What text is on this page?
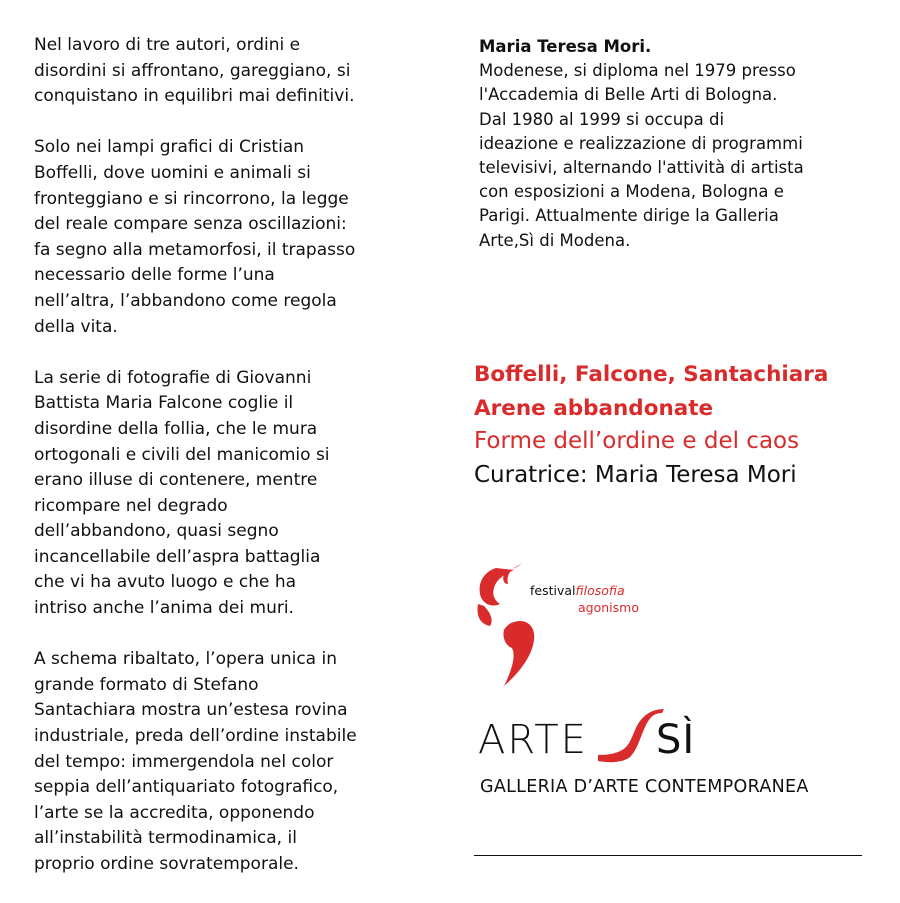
Nel lavoro di tre autori, ordini e
disordini si affrontano, gareggiano, si
conquistano in equilibri mai definitivi.

Solo nei lampi grafici di Cristian
Boffelli, dove uomini e animali si
fronteggiano e si rincorrono, la legge
del reale compare senza oscillazioni:
fa segno alla metamorfosi, il trapasso
necessario delle forme l’una
nell’altra, l’abbandono come regola
della vita.

La serie di fotografie di Giovanni
Battista Maria Falcone coglie il
disordine della follia, che le mura
ortogonali e civili del manicomio si
erano illuse di contenere, mentre
ricompare nel degrado
dell’abbandono, quasi segno
incancellabile dell’aspra battaglia
che vi ha avuto luogo e che ha
intriso anche l’anima dei muri.

A schema ribaltato, l’opera unica in
grande formato di Stefano
Santachiara mostra un’estesa rovina
industriale, preda dell’ordine instabile
del tempo: immergendola nel color
seppia dell’antiquariato fotografico,
l’arte se la accredita, opponendo
all’instabilità termodinamica, il
proprio ordine sovratemporale.

Maria Teresa Mori.
Modenese, si diploma nel 1979 presso
l'Accademia di Belle Arti di Bologna.
Dal 1980 al 1999 si occupa di
ideazione e realizzazione di programmi
televisivi, alternando l'attività di artista
con esposizioni a Modena, Bologna e
Parigi. Attualmente dirige la Galleria
Arte,Sì di Modena.
Boffelli, Falcone, Santachiara
Arene abbandonate
Forme dell’ordine e del caos
Curatrice: Maria Teresa Mori
festivalfilosofia
agonismo
ARTE SÌ
GALLERIA D’ARTE CONTEMPORANEA
